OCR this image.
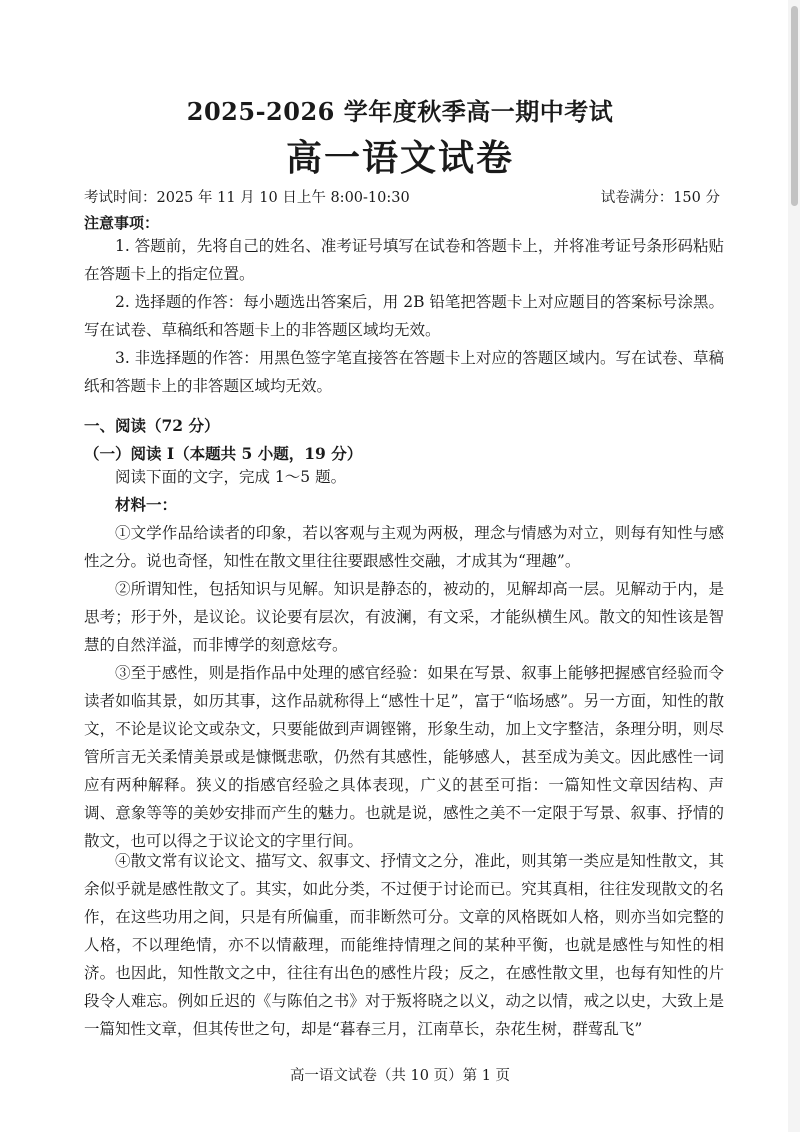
2025-2026 学年度秋季高一期中考试
高一语文试卷
考试时间：2025 年 11 月 10 日上午 8:00-10:30	试卷满分：150 分
注意事项：
1. 答题前，先将自己的姓名、准考证号填写在试卷和答题卡上，并将准考证号条形码粘贴在答题卡上的指定位置。
2. 选择题的作答：每小题选出答案后，用 2B 铅笔把答题卡上对应题目的答案标号涂黑。写在试卷、草稿纸和答题卡上的非答题区域均无效。
3. 非选择题的作答：用黑色签字笔直接答在答题卡上对应的答题区域内。写在试卷、草稿纸和答题卡上的非答题区域均无效。
一、阅读（72 分）
（一）阅读 I（本题共 5 小题，19 分）
阅读下面的文字，完成 1～5 题。
材料一：
①文学作品给读者的印象，若以客观与主观为两极，理念与情感为对立，则每有知性与感性之分。说也奇怪，知性在散文里往往要跟感性交融，才成其为“理趣”。
②所谓知性，包括知识与见解。知识是静态的，被动的，见解却高一层。见解动于内，是思考；形于外，是议论。议论要有层次，有波澜，有文采，才能纵横生风。散文的知性该是智慧的自然洋溢，而非博学的刻意炫夸。
③至于感性，则是指作品中处理的感官经验：如果在写景、叙事上能够把握感官经验而令读者如临其景，如历其事，这作品就称得上“感性十足”，富于“临场感”。另一方面，知性的散文，不论是议论文或杂文，只要能做到声调铿锵，形象生动，加上文字整洁，条理分明，则尽管所言无关柔情美景或是慷慨悲歌，仍然有其感性，能够感人，甚至成为美文。因此感性一词应有两种解释。狭义的指感官经验之具体表现，广义的甚至可指：一篇知性文章因结构、声调、意象等等的美妙安排而产生的魅力。也就是说，感性之美不一定限于写景、叙事、抒情的散文，也可以得之于议论文的字里行间。
④散文常有议论文、描写文、叙事文、抒情文之分，准此，则其第一类应是知性散文，其余似乎就是感性散文了。其实，如此分类，不过便于讨论而已。究其真相，往往发现散文的名作，在这些功用之间，只是有所偏重，而非断然可分。文章的风格既如人格，则亦当如完整的人格，不以理绝情，亦不以情蔽理，而能维持情理之间的某种平衡，也就是感性与知性的相济。也因此，知性散文之中，往往有出色的感性片段；反之，在感性散文里，也每有知性的片段令人难忘。例如丘迟的《与陈伯之书》对于叛将晓之以义，动之以情，戒之以史，大致上是一篇知性文章，但其传世之句，却是“暮春三月，江南草长，杂花生树，群莺乱飞”
高一语文试卷（共 10 页）第 1 页
